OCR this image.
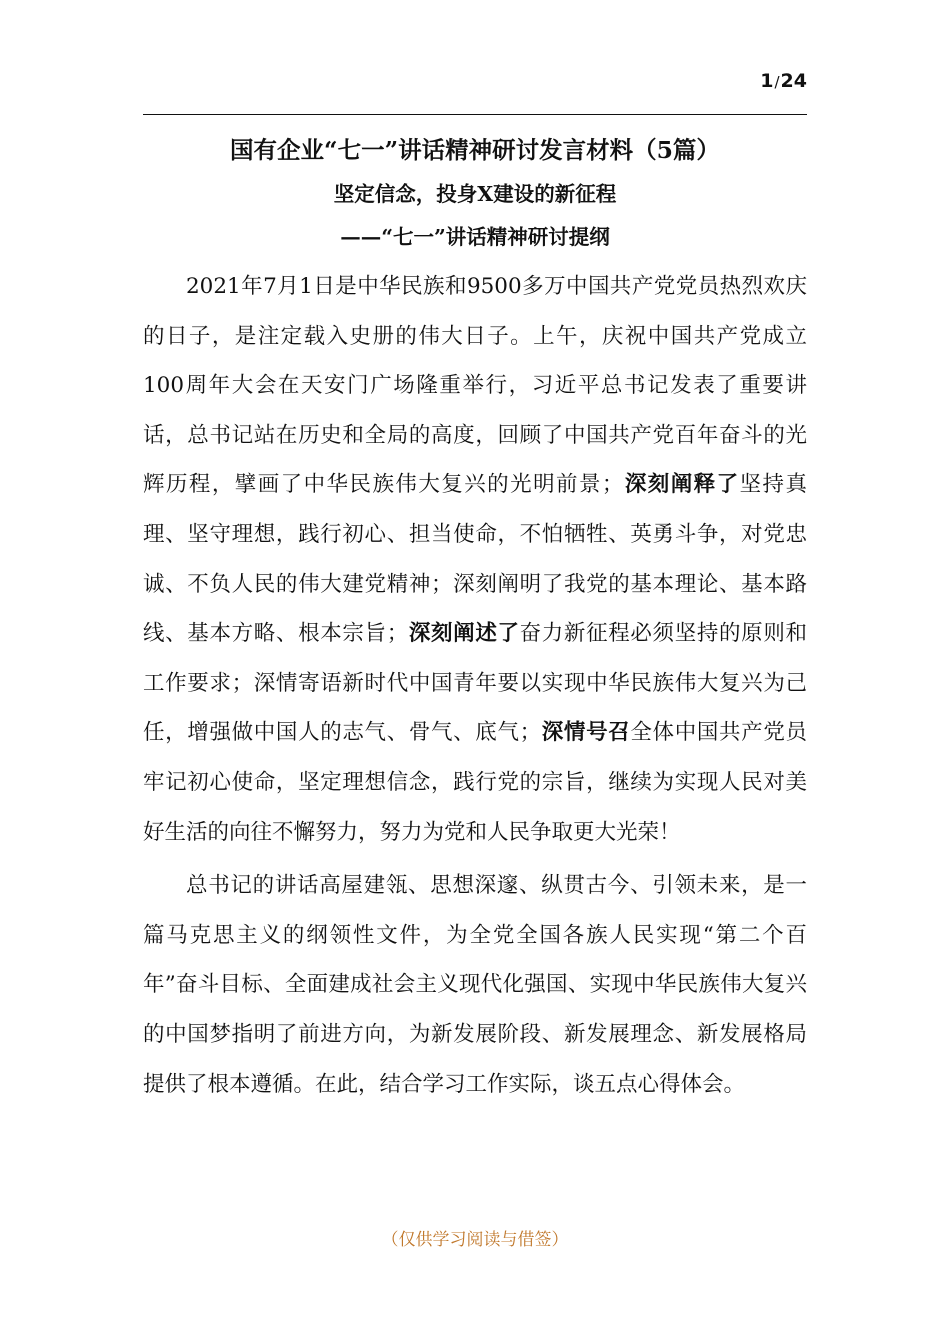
1/24
国有企业“七一”讲话精神研讨发言材料（5篇）
坚定信念，投身X建设的新征程
——“七一”讲话精神研讨提纲

2021年7月1日是中华民族和9500多万中国共产党党员热烈欢庆的日子，是注定载入史册的伟大日子。上午，庆祝中国共产党成立100周年大会在天安门广场隆重举行，习近平总书记发表了重要讲话，总书记站在历史和全局的高度，回顾了中国共产党百年奋斗的光辉历程，擘画了中华民族伟大复兴的光明前景；深刻阐释了坚持真理、坚守理想，践行初心、担当使命，不怕牺牲、英勇斗争，对党忠诚、不负人民的伟大建党精神；深刻阐明了我党的基本理论、基本路线、基本方略、根本宗旨；深刻阐述了奋力新征程必须坚持的原则和工作要求；深情寄语新时代中国青年要以实现中华民族伟大复兴为己任，增强做中国人的志气、骨气、底气；深情号召全体中国共产党员牢记初心使命，坚定理想信念，践行党的宗旨，继续为实现人民对美好生活的向往不懈努力，努力为党和人民争取更大光荣！

总书记的讲话高屋建瓴、思想深邃、纵贯古今、引领未来，是一篇马克思主义的纲领性文件，为全党全国各族人民实现“第二个百年”奋斗目标、全面建成社会主义现代化强国、实现中华民族伟大复兴的中国梦指明了前进方向，为新发展阶段、新发展理念、新发展格局提供了根本遵循。在此，结合学习工作实际，谈五点心得体会。

（仅供学习阅读与借签）
